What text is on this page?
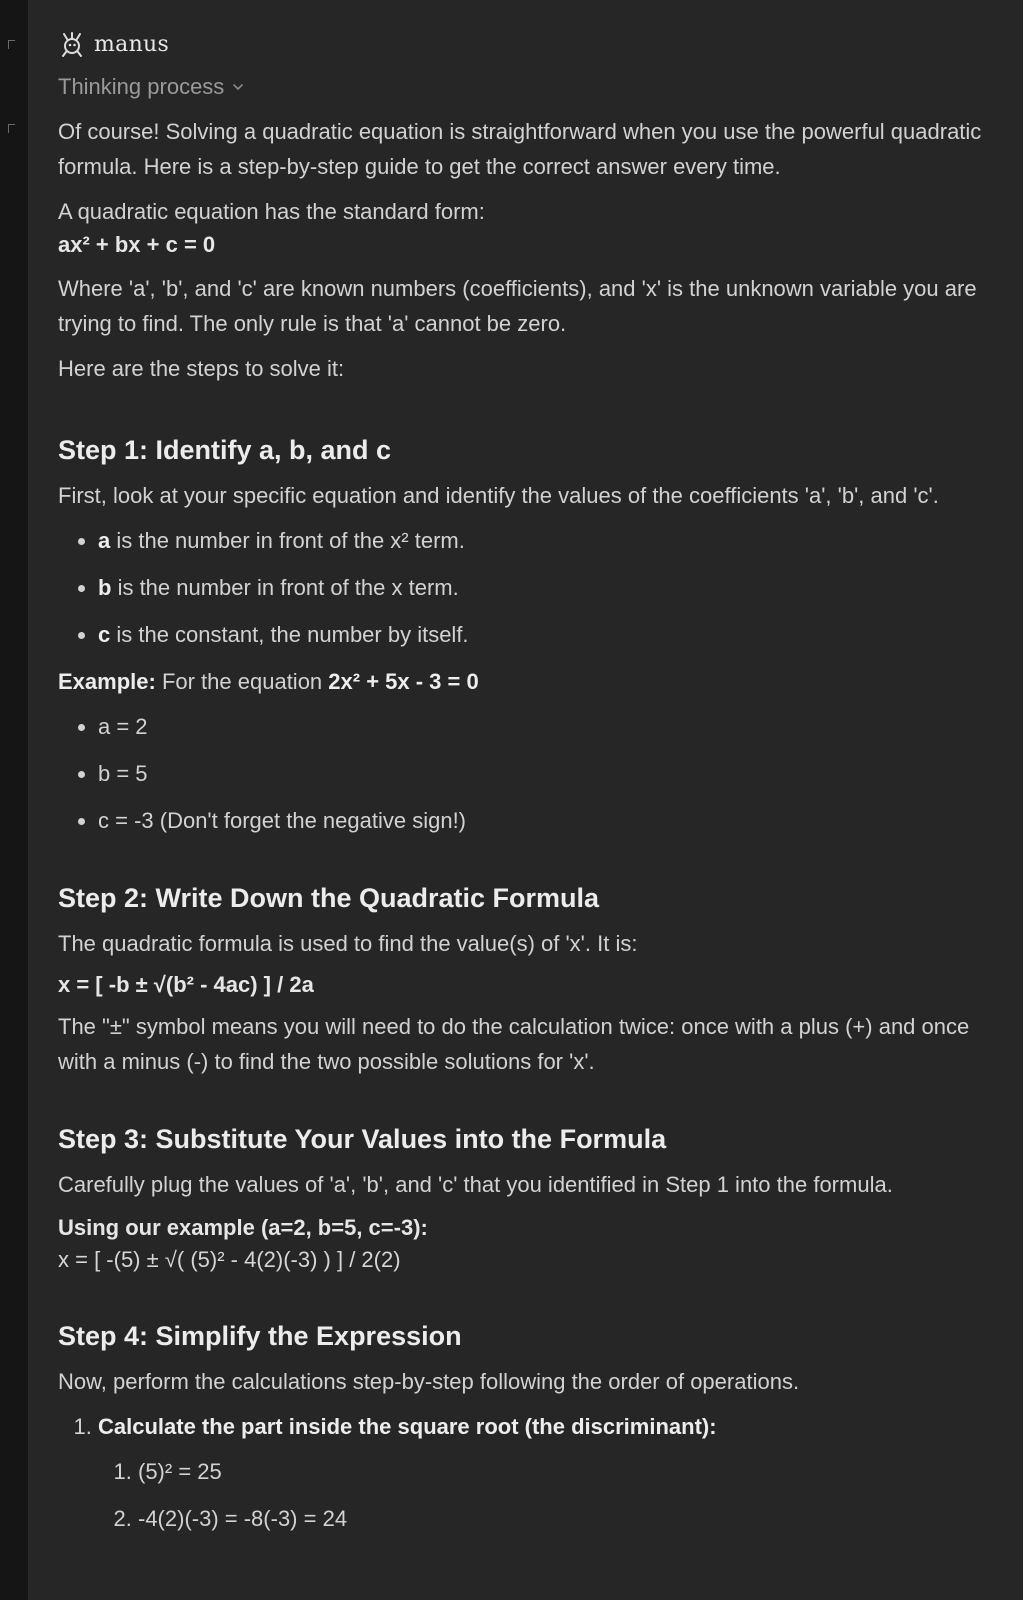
manus
Thinking process

Of course! Solving a quadratic equation is straightforward when you use the powerful quadratic formula. Here is a step-by-step guide to get the correct answer every time.

A quadratic equation has the standard form:

ax² + bx + c = 0

Where 'a', 'b', and 'c' are known numbers (coefficients), and 'x' is the unknown variable you are trying to find. The only rule is that 'a' cannot be zero.

Here are the steps to solve it:

Step 1: Identify a, b, and c

First, look at your specific equation and identify the values of the coefficients 'a', 'b', and 'c'.

• a is the number in front of the x² term.
• b is the number in front of the x term.
• c is the constant, the number by itself.

Example: For the equation 2x² + 5x - 3 = 0

• a = 2
• b = 5
• c = -3 (Don't forget the negative sign!)
Step 2: Write Down the Quadratic Formula

The quadratic formula is used to find the value(s) of 'x'. It is:

x = [ -b ± √(b² - 4ac) ] / 2a

The "±" symbol means you will need to do the calculation twice: once with a plus (+) and once with a minus (-) to find the two possible solutions for 'x'.

Step 3: Substitute Your Values into the Formula

Carefully plug the values of 'a', 'b', and 'c' that you identified in Step 1 into the formula.

Using our example (a=2, b=5, c=-3):
x = [ -(5) ± √( (5)² - 4(2)(-3) ) ] / 2(2)
Step 4: Simplify the Expression

Now, perform the calculations step-by-step following the order of operations.

1. Calculate the part inside the square root (the discriminant):
1. (5)² = 25
2. -4(2)(-3) = -8(-3) = 24
